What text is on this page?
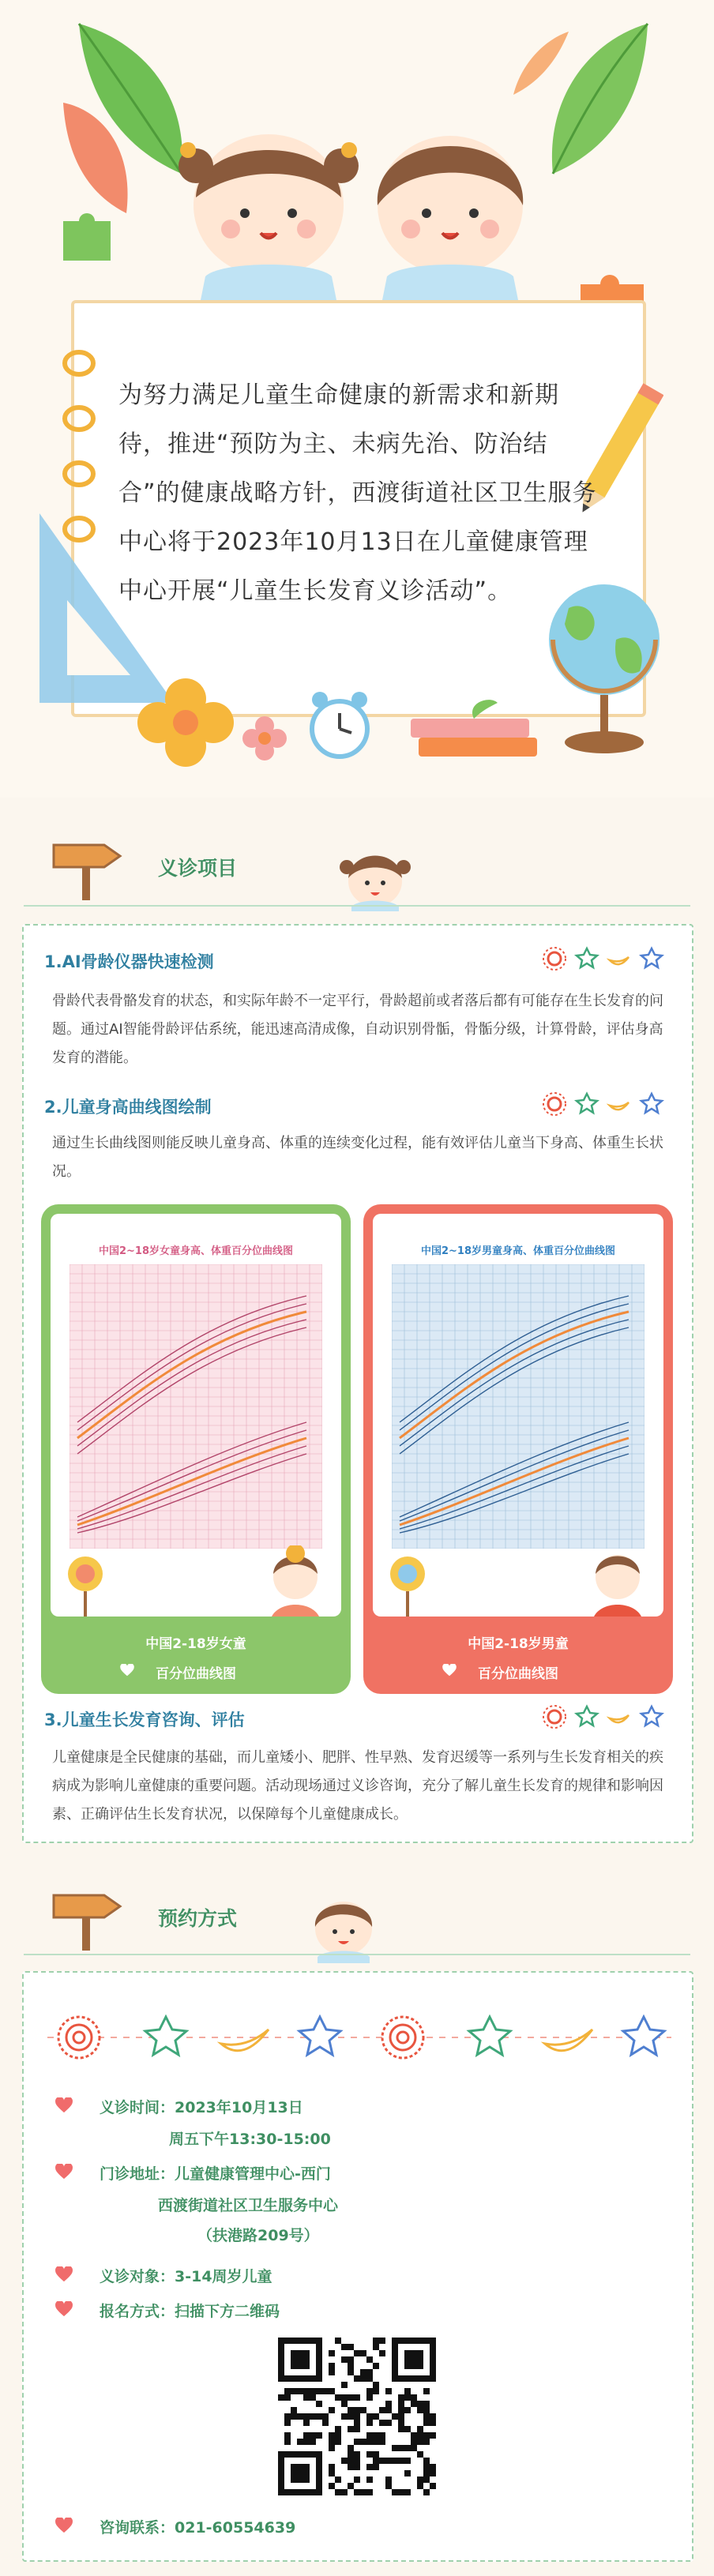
为努力满足儿童生命健康的新需求和新期待，推进“预防为主、未病先治、防治结合”的健康战略方针，西渡街道社区卫生服务中心将于2023年10月13日在儿童健康管理中心开展“儿童生长发育义诊活动”。
义诊项目
1.AI骨龄仪器快速检测
骨龄代表骨骼发育的状态，和实际年龄不一定平行，骨龄超前或者落后都有可能存在生长发育的问题。通过AI智能骨龄评估系统，能迅速高清成像，自动识别骨骺，骨骺分级，计算骨龄，评估身高发育的潜能。
2.儿童身高曲线图绘制
通过生长曲线图则能反映儿童身高、体重的连续变化过程，能有效评估儿童当下身高、体重生长状况。
中国2~18岁女童身高、体重百分位曲线图
中国2-18岁女童
百分位曲线图
中国2~18岁男童身高、体重百分位曲线图
中国2-18岁男童
百分位曲线图
3.儿童生长发育咨询、评估
儿童健康是全民健康的基础，而儿童矮小、肥胖、性早熟、发育迟缓等一系列与生长发育相关的疾病成为影响儿童健康的重要问题。活动现场通过义诊咨询，充分了解儿童生长发育的规律和影响因素、正确评估生长发育状况，以保障每个儿童健康成长。
预约方式
义诊时间：2023年10月13日
周五下午13:30-15:00
门诊地址：儿童健康管理中心-西门
西渡街道社区卫生服务中心
（扶港路209号）
义诊对象：3-14周岁儿童
报名方式：扫描下方二维码
咨询联系：021-60554639
